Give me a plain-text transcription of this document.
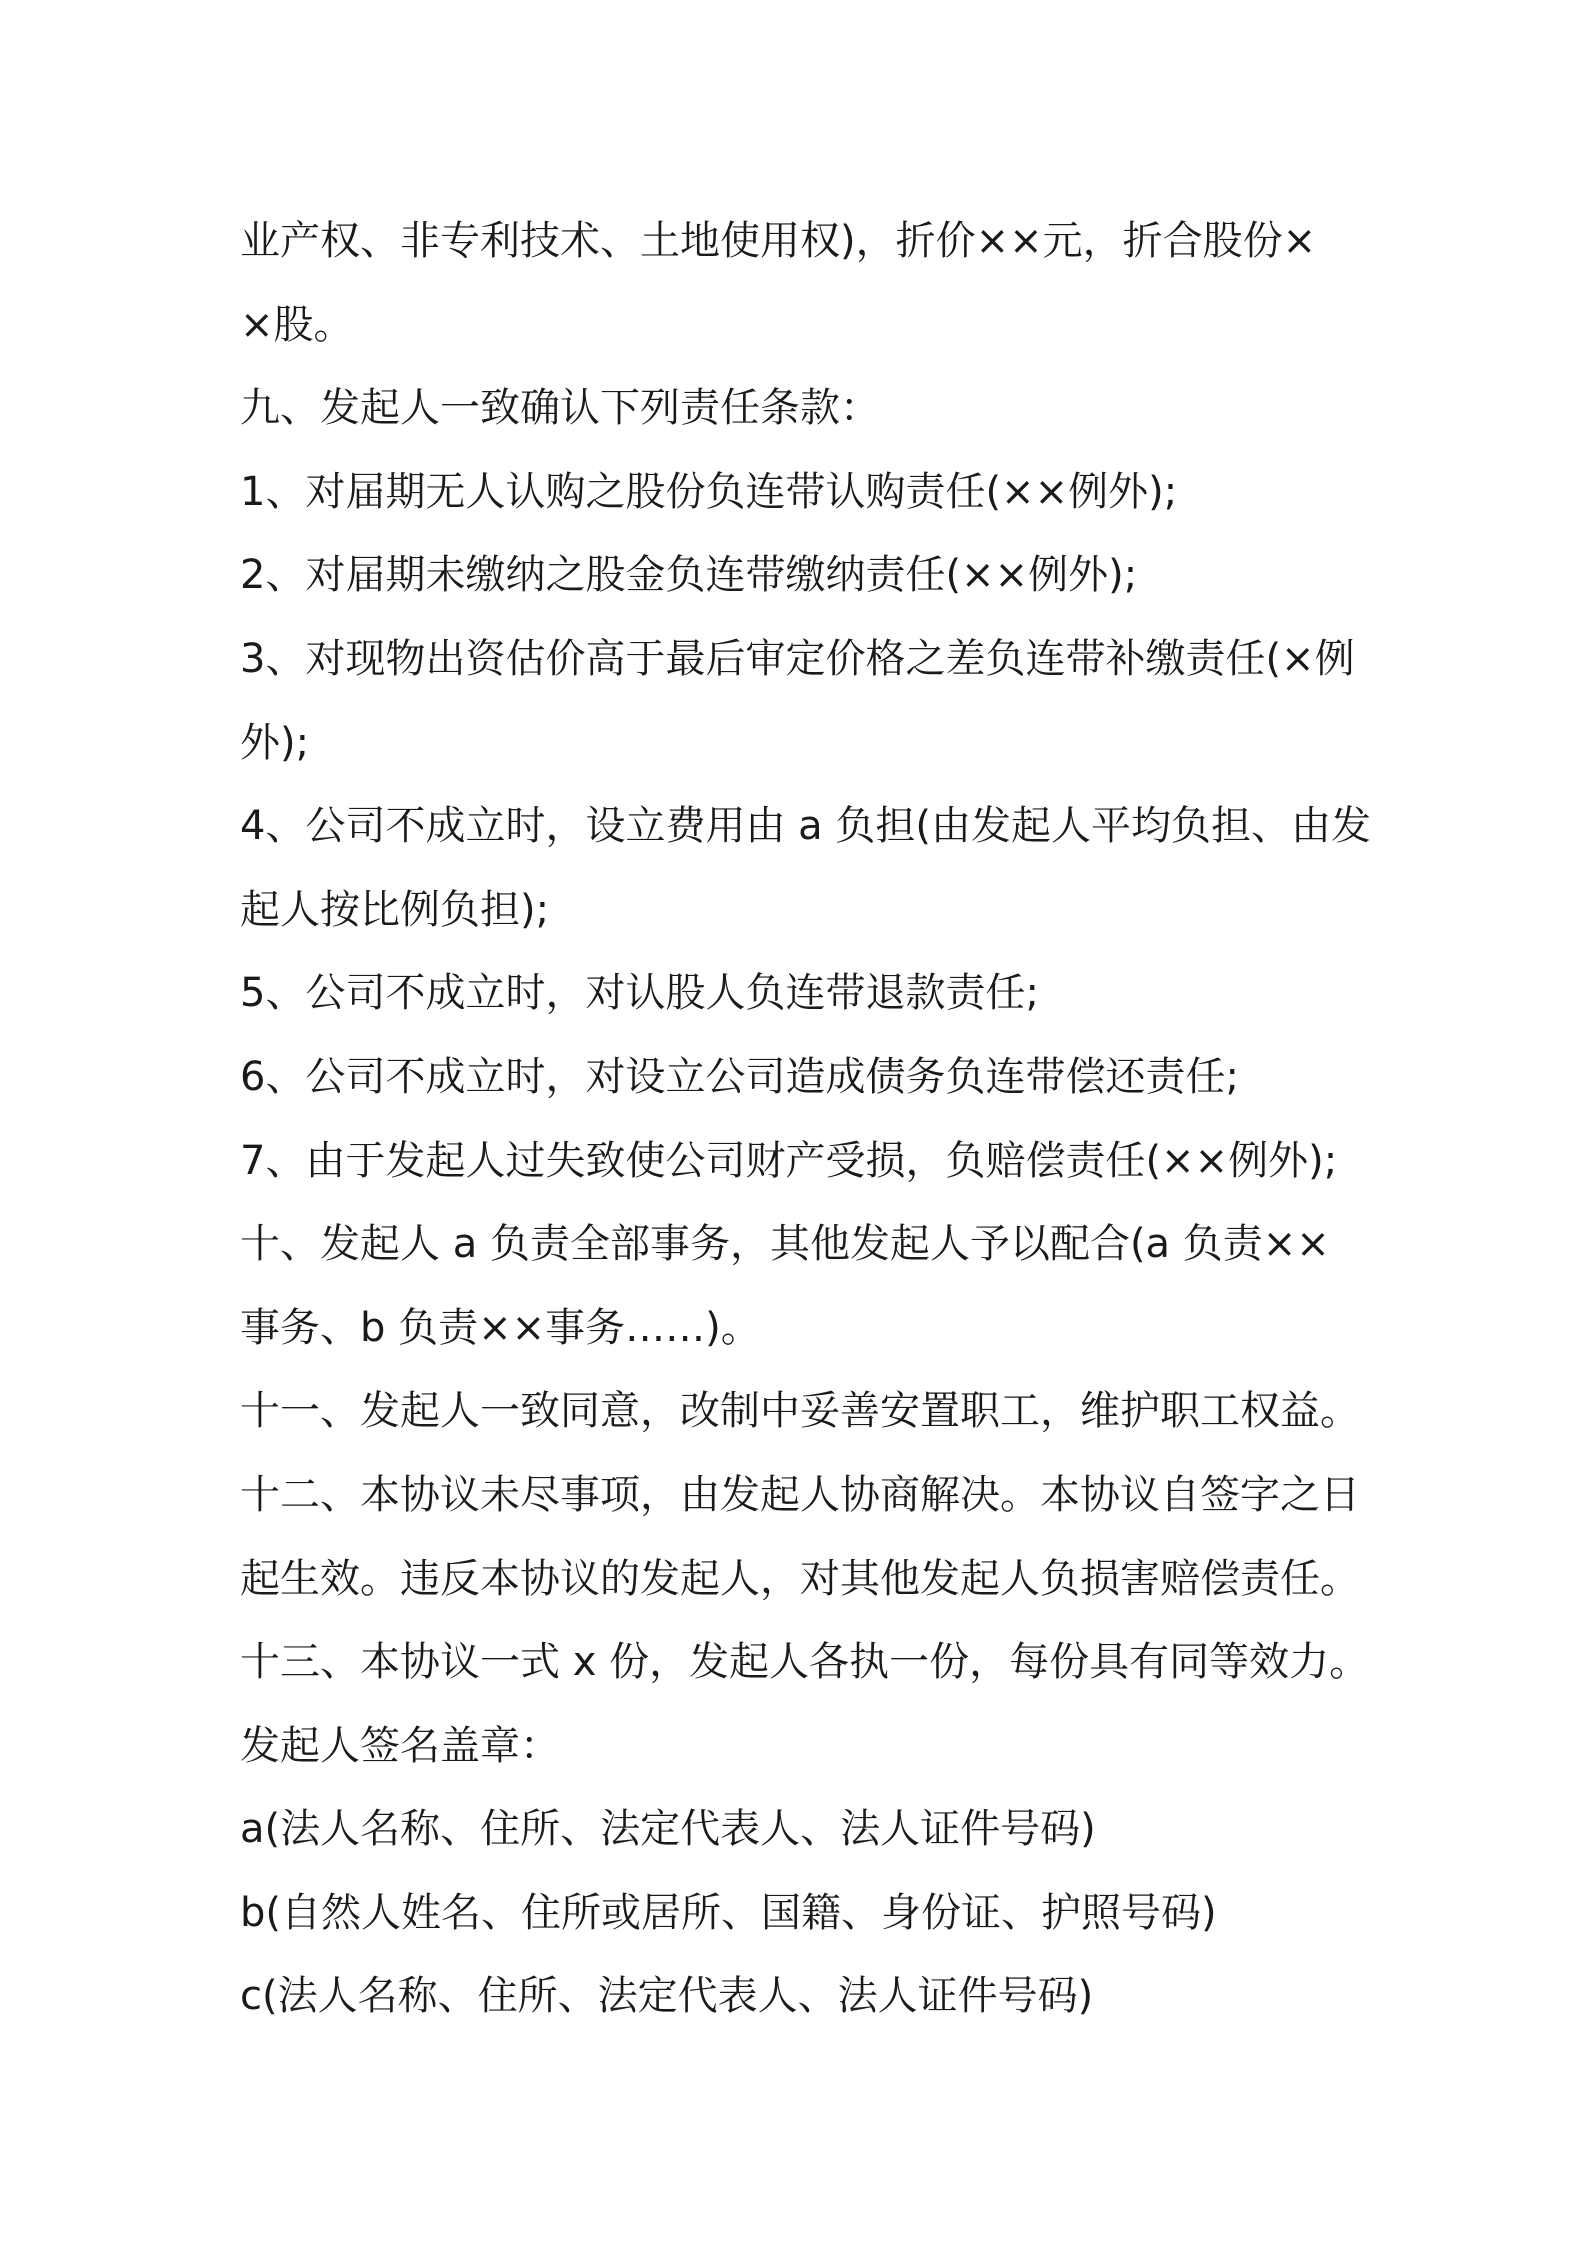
业产权、非专利技术、土地使用权)，折价××元，折合股份×
×股。
九、发起人一致确认下列责任条款：
1、对届期无人认购之股份负连带认购责任(××例外);
2、对届期未缴纳之股金负连带缴纳责任(××例外);
3、对现物出资估价高于最后审定价格之差负连带补缴责任(×例
外);
4、公司不成立时，设立费用由 a 负担(由发起人平均负担、由发
起人按比例负担);
5、公司不成立时，对认股人负连带退款责任;
6、公司不成立时，对设立公司造成债务负连带偿还责任;
7、由于发起人过失致使公司财产受损，负赔偿责任(××例外);
十、发起人 a 负责全部事务，其他发起人予以配合(a 负责××
事务、b 负责××事务……)。
十一、发起人一致同意，改制中妥善安置职工，维护职工权益。
十二、本协议未尽事项，由发起人协商解决。本协议自签字之日
起生效。违反本协议的发起人，对其他发起人负损害赔偿责任。
十三、本协议一式 x 份，发起人各执一份，每份具有同等效力。
发起人签名盖章：
a(法人名称、住所、法定代表人、法人证件号码)
b(自然人姓名、住所或居所、国籍、身份证、护照号码)
c(法人名称、住所、法定代表人、法人证件号码)
